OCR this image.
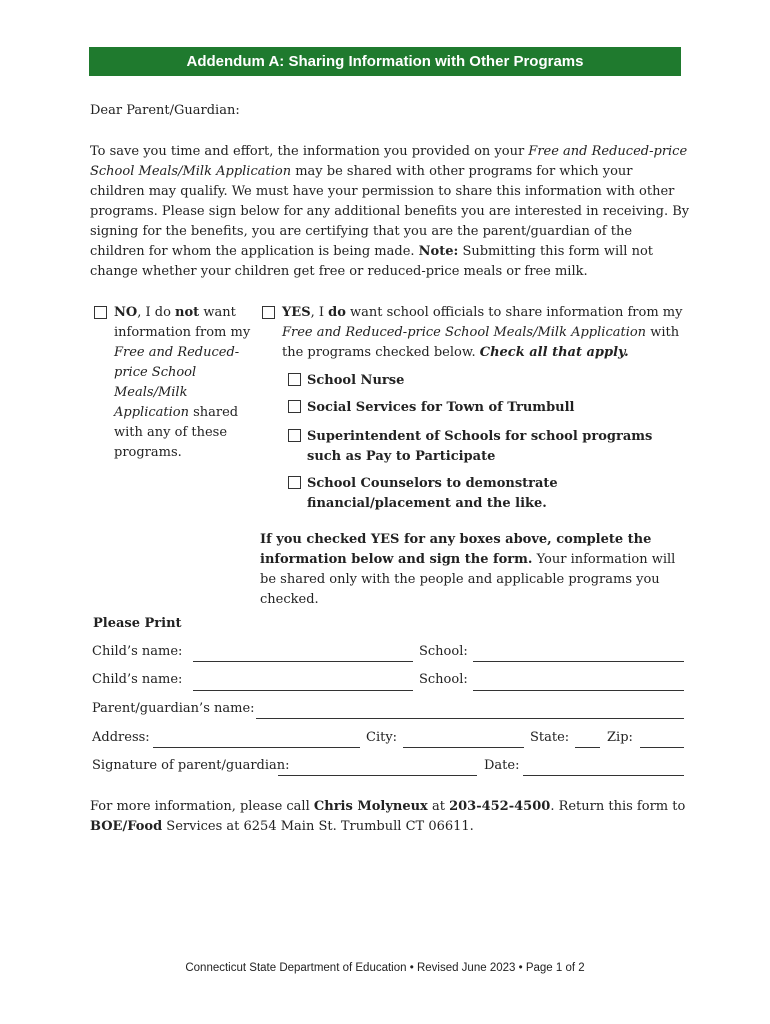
Addendum A: Sharing Information with Other Programs
Dear Parent/Guardian:
To save you time and effort, the information you provided on your Free and Reduced-price School Meals/Milk Application may be shared with other programs for which your children may qualify. We must have your permission to share this information with other programs. Please sign below for any additional benefits you are interested in receiving. By signing for the benefits, you are certifying that you are the parent/guardian of the children for whom the application is being made. Note: Submitting this form will not change whether your children get free or reduced-price meals or free milk.
NO, I do not want information from my Free and Reduced-price School Meals/Milk Application shared with any of these programs.
YES, I do want school officials to share information from my Free and Reduced-price School Meals/Milk Application with the programs checked below. Check all that apply.
School Nurse
Social Services for Town of Trumbull
Superintendent of Schools for school programs such as Pay to Participate
School Counselors to demonstrate financial/placement and the like.
If you checked YES for any boxes above, complete the information below and sign the form. Your information will be shared only with the people and applicable programs you checked.
Please Print
Child’s name:	School:
Child’s name:	School:
Parent/guardian’s name:
Address:	City:	State:	Zip:
Signature of parent/guardian:	Date:
For more information, please call Chris Molyneux at 203-452-4500. Return this form to BOE/Food Services at 6254 Main St. Trumbull CT 06611.
Connecticut State Department of Education • Revised June 2023 • Page 1 of 2
